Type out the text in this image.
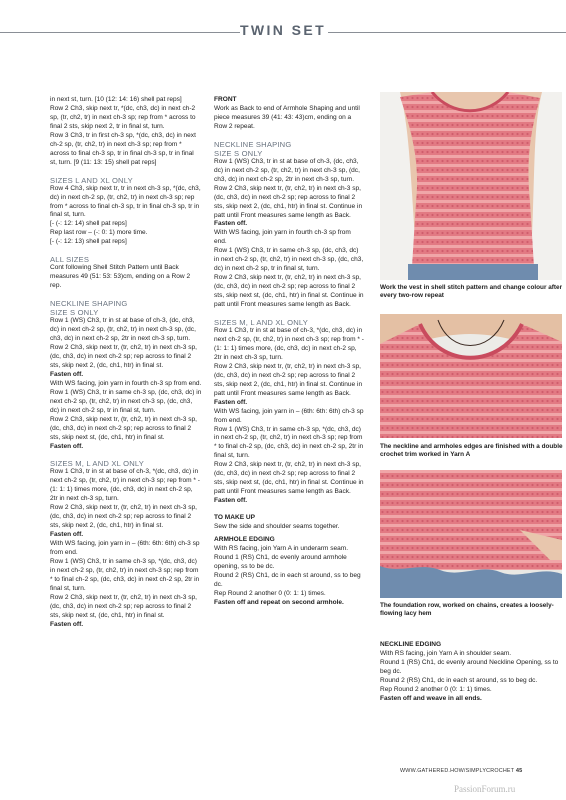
TWIN SET

in next st, turn. [10 (12: 14: 16) shell pat reps]

Row 2 Ch3, skip next tr, *(dc, ch3, dc) in next ch-2 sp, (tr, ch2, tr) in next ch-3 sp; rep from * across to final 2 sts, skip next 2, tr in final st, turn.

Row 3 Ch3, tr in first ch-3 sp, *(dc, ch3, dc) in next ch-2 sp, (tr, ch2, tr) in next ch-3 sp; rep from * across to final ch-3 sp, tr in final ch-3 sp, tr in final st, turn. [9 (11: 13: 15) shell pat reps]

SIZES L AND XL ONLY

Row 4 Ch3, skip next tr, tr in next ch-3 sp, *(dc, ch3, dc) in next ch-2 sp, (tr, ch2, tr) in next ch-3 sp; rep from * across to final ch-3 sp, tr in final ch-3 sp, tr in final st, turn.

[- (-: 12: 14) shell pat reps]

Rep last row – (-: 0: 1) more time.

[- (-: 12: 13) shell pat reps]

ALL SIZES

Cont following Shell Stitch Pattern until Back measures 49 (51: 53: 53)cm, ending on a Row 2 rep.

NECKLINE SHAPING

SIZE S ONLY

Row 1 (WS) Ch3, tr in st at base of ch-3, (dc, ch3, dc) in next ch-2 sp, (tr, ch2, tr) in next ch-3 sp, (dc, ch3, dc) in next ch-2 sp, 2tr in next ch-3 sp, turn.

Row 2 Ch3, skip next tr, (tr, ch2, tr) in next ch-3 sp, (dc, ch3, dc) in next ch-2 sp; rep across to final 2 sts, skip next 2, (dc, ch1, htr) in final st.

Fasten off.

With WS facing, join yarn in fourth ch-3 sp from end.

Row 1 (WS) Ch3, tr in same ch-3 sp, (dc, ch3, dc) in next ch-2 sp, (tr, ch2, tr) in next ch-3 sp, (dc, ch3, dc) in next ch-2 sp, tr in final st, turn.

Row 2 Ch3, skip next tr, (tr, ch2, tr) in next ch-3 sp, (dc, ch3, dc) in next ch-2 sp; rep across to final 2 sts, skip next st, (dc, ch1, htr) in final st.

Fasten off.

SIZES M, L AND XL ONLY

Row 1 Ch3, tr in st at base of ch-3, *(dc, ch3, dc) in next ch-2 sp, (tr, ch2, tr) in next ch-3 sp; rep from * - (1: 1: 1) times more, (dc, ch3, dc) in next ch-2 sp, 2tr in next ch-3 sp, turn.

Row 2 Ch3, skip next tr, (tr, ch2, tr) in next ch-3 sp, (dc, ch3, dc) in next ch-2 sp; rep across to final 2 sts, skip next 2, (dc, ch1, htr) in final st.

Fasten off.

With WS facing, join yarn in – (6th: 6th: 6th) ch-3 sp from end.

Row 1 (WS) Ch3, tr in same ch-3 sp, *(dc, ch3, dc) in next ch-2 sp, (tr, ch2, tr) in next ch-3 sp; rep from * to final ch-2 sp, (dc, ch3, dc) in next ch-2 sp, 2tr in final st, turn.

Row 2 Ch3, skip next tr, (tr, ch2, tr) in next ch-3 sp, (dc, ch3, dc) in next ch-2 sp; rep across to final 2 sts, skip next st, (dc, ch1, htr) in final st.

Fasten off.

FRONT

Work as Back to end of Armhole Shaping and until piece measures 39 (41: 43: 43)cm, ending on a Row 2 repeat.

NECKLINE SHAPING

SIZE S ONLY

Row 1 (WS) Ch3, tr in st at base of ch-3, (dc, ch3, dc) in next ch-2 sp, (tr, ch2, tr) in next ch-3 sp, (dc, ch3, dc) in next ch-2 sp, 2tr in next ch-3 sp, turn.

Row 2 Ch3, skip next tr, (tr, ch2, tr) in next ch-3 sp, (dc, ch3, dc) in next ch-2 sp; rep across to final 2 sts, skip next 2, (dc, ch1, htr) in final st. Continue in patt until Front measures same length as Back.

Fasten off.

With WS facing, join yarn in fourth ch-3 sp from end.

Row 1 (WS) Ch3, tr in same ch-3 sp, (dc, ch3, dc) in next ch-2 sp, (tr, ch2, tr) in next ch-3 sp, (dc, ch3, dc) in next ch-2 sp, tr in final st, turn.

Row 2 Ch3, skip next tr, (tr, ch2, tr) in next ch-3 sp, (dc, ch3, dc) in next ch-2 sp; rep across to final 2 sts, skip next st, (dc, ch1, htr) in final st. Continue in patt until Front measures same length as Back.

SIZES M, L AND XL ONLY

Row 1 Ch3, tr in st at base of ch-3, *(dc, ch3, dc) in next ch-2 sp, (tr, ch2, tr) in next ch-3 sp; rep from * - (1: 1: 1) times more, (dc, ch3, dc) in next ch-2 sp, 2tr in next ch-3 sp, turn.

Row 2 Ch3, skip next tr, (tr, ch2, tr) in next ch-3 sp, (dc, ch3, dc) in next ch-2 sp; rep across to final 2 sts, skip next 2, (dc, ch1, htr) in final st. Continue in patt until Front measures same length as Back.

Fasten off.

With WS facing, join yarn in – (6th: 6th: 6th) ch-3 sp from end.

Row 1 (WS) Ch3, tr in same ch-3 sp, *(dc, ch3, dc) in next ch-2 sp, (tr, ch2, tr) in next ch-3 sp; rep from * to final ch-2 sp, (dc, ch3, dc) in next ch-2 sp, 2tr in final st, turn.

Row 2 Ch3, skip next tr, (tr, ch2, tr) in next ch-3 sp, (dc, ch3, dc) in next ch-2 sp; rep across to final 2 sts, skip next st, (dc, ch1, htr) in final st. Continue in patt until Front measures same length as Back.

Fasten off.

TO MAKE UP

Sew the side and shoulder seams together.

ARMHOLE EDGING

With RS facing, join Yarn A in underarm seam.

Round 1 (RS) Ch1, dc evenly around armhole opening, ss to be dc.

Round 2 (RS) Ch1, dc in each st around, ss to beg dc.

Rep Round 2 another 0 (0: 1: 1) times.

Fasten off and repeat on second armhole.

Work the vest in shell stitch pattern and change colour after every two-row repeat
The neckline and armholes edges are finished with a double crochet trim worked in Yarn A
The foundation row, worked on chains, creates a loosely-flowing lacy hem

NECKLINE EDGING

With RS facing, join Yarn A in shoulder seam.

Round 1 (RS) Ch1, dc evenly around Neckline Opening, ss to beg dc.

Round 2 (RS) Ch1, dc in each st around, ss to beg dc.

Rep Round 2 another 0 (0: 1: 1) times.

Fasten off and weave in all ends.

WWW.GATHERED.HOW/SIMPLYCROCHET 45
PassionForum.ru
